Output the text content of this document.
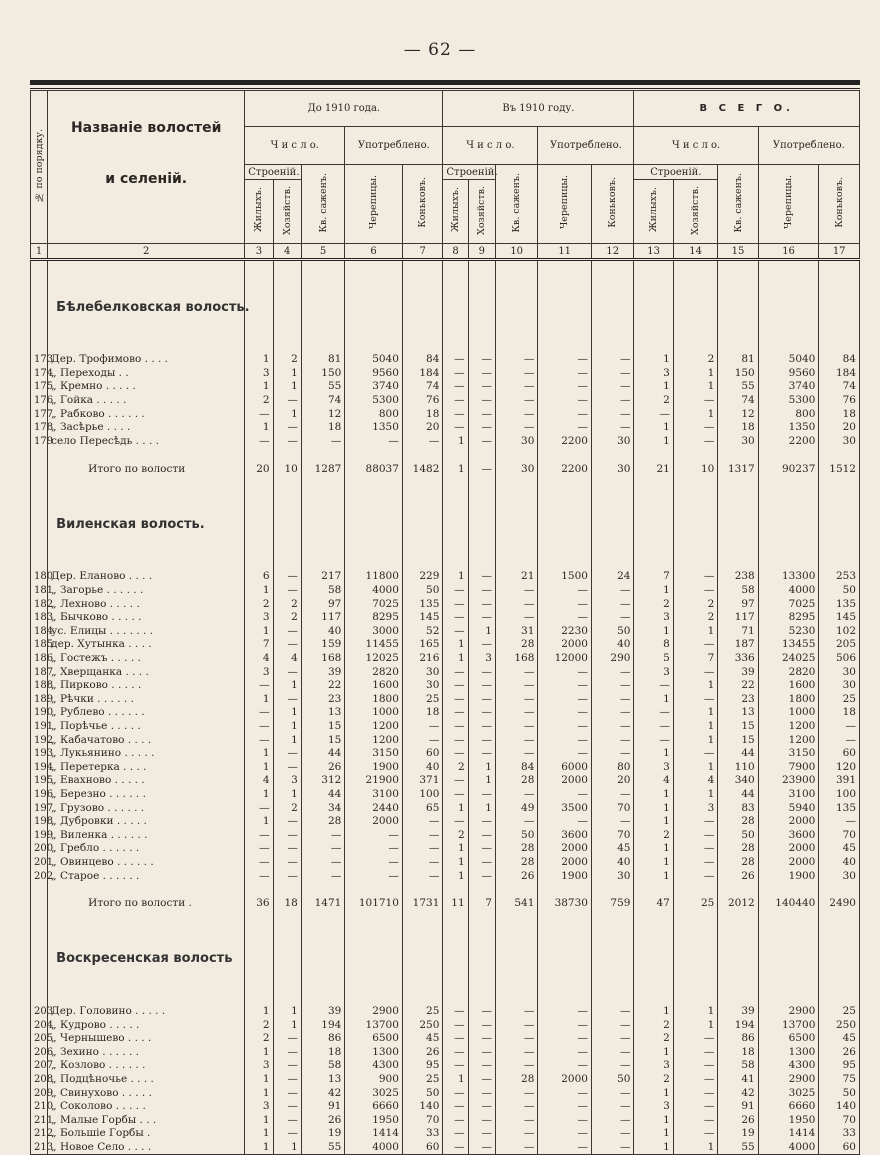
— 62 —
№ по порядку.	Названіе волостей	До 1910 года.					Въ 1910 году.					В С Е Г О.				
		Ч и с л о.			Употреблено.		Ч и с л о.			Употреблено.		Ч и с л о.			Употреблено.	
	и селеній.	Строеній.		Кв. саженъ.	Черепицы.	Коньковъ.	Строеній.		Кв. саженъ.	Черепицы.	Коньковъ.	Строеній.		Кв. саженъ.	Черепицы.	Коньковъ.
		Жилыхъ.	Хозяйств.				Жилыхъ.	Хозяйств.				Жилыхъ.	Хозяйств.			
1	2	3	4	5	6	7	8	9	10	11	12	13	14	15	16	17

	Бѣлебелковская волость.															

173	Дер. Трофимово . . . .	1	2	81	5040	84	—	—	—	—	—	1	2	81	5040	84
174	„ Переходы . .	3	1	150	9560	184	—	—	—	—	—	3	1	150	9560	184
175	„ Кремно . . . . .	1	1	55	3740	74	—	—	—	—	—	1	1	55	3740	74
176	„ Гойка . . . . .	2	—	74	5300	76	—	—	—	—	—	2	—	74	5300	76
177	„ Рабково . . . . . .	—	1	12	800	18	—	—	—	—	—	—	1	12	800	18
178	„ Засѣрье . . . .	1	—	18	1350	20	—	—	—	—	—	1	—	18	1350	20
179	село Пересѣдь . . . .	—	—	—	—	—	1	—	30	2200	30	1	—	30	2200	30

	Итого по волости	20	10	1287	88037	1482	1	—	30	2200	30	21	10	1317	90237	1512

	Виленская волость.															

180	Дер. Еланово . . . .	6	—	217	11800	229	1	—	21	1500	24	7	—	238	13300	253
181	„ Загорье . . . . . .	1	—	58	4000	50	—	—	—	—	—	1	—	58	4000	50
182	„ Лехново . . . . .	2	2	97	7025	135	—	—	—	—	—	2	2	97	7025	135
183	„ Бычково . . . . .	3	2	117	8295	145	—	—	—	—	—	3	2	117	8295	145
184	ус. Елицы . . . . . . .	1	—	40	3000	52	—	1	31	2230	50	1	1	71	5230	102
185	дер. Хутынка . . . .	7	—	159	11455	165	1	—	28	2000	40	8	—	187	13455	205
186	„ Гостежъ . . . . .	4	4	168	12025	216	1	3	168	12000	290	5	7	336	24025	506
187	„ Хверщанка . . . .	3	—	39	2820	30	—	—	—	—	—	3	—	39	2820	30
188	„ Пирково . . . . .	—	1	22	1600	30	—	—	—	—	—	—	1	22	1600	30
189	„ Рѣчки . . . . . .	1	—	23	1800	25	—	—	—	—	—	1	—	23	1800	25
190	„ Рублево . . . . . .	—	1	13	1000	18	—	—	—	—	—	—	1	13	1000	18
191	„ Порѣчье . . . . .	—	1	15	1200	—	—	—	—	—	—	—	1	15	1200	—
192	„ Кабачатово . . . .	—	1	15	1200	—	—	—	—	—	—	—	1	15	1200	—
193	„ Лукьянино . . . . .	1	—	44	3150	60	—	—	—	—	—	1	—	44	3150	60
194	„ Перетерка . . . .	1	—	26	1900	40	2	1	84	6000	80	3	1	110	7900	120
195	„ Евахново . . . . .	4	3	312	21900	371	—	1	28	2000	20	4	4	340	23900	391
196	„ Березно . . . . . .	1	1	44	3100	100	—	—	—	—	—	1	1	44	3100	100
197	„ Грузово . . . . . .	—	2	34	2440	65	1	1	49	3500	70	1	3	83	5940	135
198	„ Дубровки . . . . .	1	—	28	2000	—	—	—	—	—	—	1	—	28	2000	—
199	„ Виленка . . . . . .	—	—	—	—	—	2	—	50	3600	70	2	—	50	3600	70
200	„ Гребло . . . . . .	—	—	—	—	—	1	—	28	2000	45	1	—	28	2000	45
201	„ Овинцево . . . . . .	—	—	—	—	—	1	—	28	2000	40	1	—	28	2000	40
202	„ Старое . . . . . .	—	—	—	—	—	1	—	26	1900	30	1	—	26	1900	30

	Итого по волости .	36	18	1471	101710	1731	11	7	541	38730	759	47	25	2012	140440	2490

	Воскресенская волость															

203	Дер. Головино . . . . .	1	1	39	2900	25	—	—	—	—	—	1	1	39	2900	25
204	„ Кудрово . . . . .	2	1	194	13700	250	—	—	—	—	—	2	1	194	13700	250
205	„ Чернышево . . . .	2	—	86	6500	45	—	—	—	—	—	2	—	86	6500	45
206	„ Зехино . . . . . .	1	—	18	1300	26	—	—	—	—	—	1	—	18	1300	26
207	„ Козлово . . . . . .	3	—	58	4300	95	—	—	—	—	—	3	—	58	4300	95
208	„ Подцѣночье . . . .	1	—	13	900	25	1	—	28	2000	50	2	—	41	2900	75
209	„ Свинухово . . . . .	1	—	42	3025	50	—	—	—	—	—	1	—	42	3025	50
210	„ Соколово . . . . .	3	—	91	6660	140	—	—	—	—	—	3	—	91	6660	140
211	„ Малые Горбы . . .	1	—	26	1950	70	—	—	—	—	—	1	—	26	1950	70
212	„ Большіе Горбы .	1	—	19	1414	33	—	—	—	—	—	1	—	19	1414	33
213	„ Новое Село . . . .	1	1	55	4000	60	—	—	—	—	—	1	1	55	4000	60
